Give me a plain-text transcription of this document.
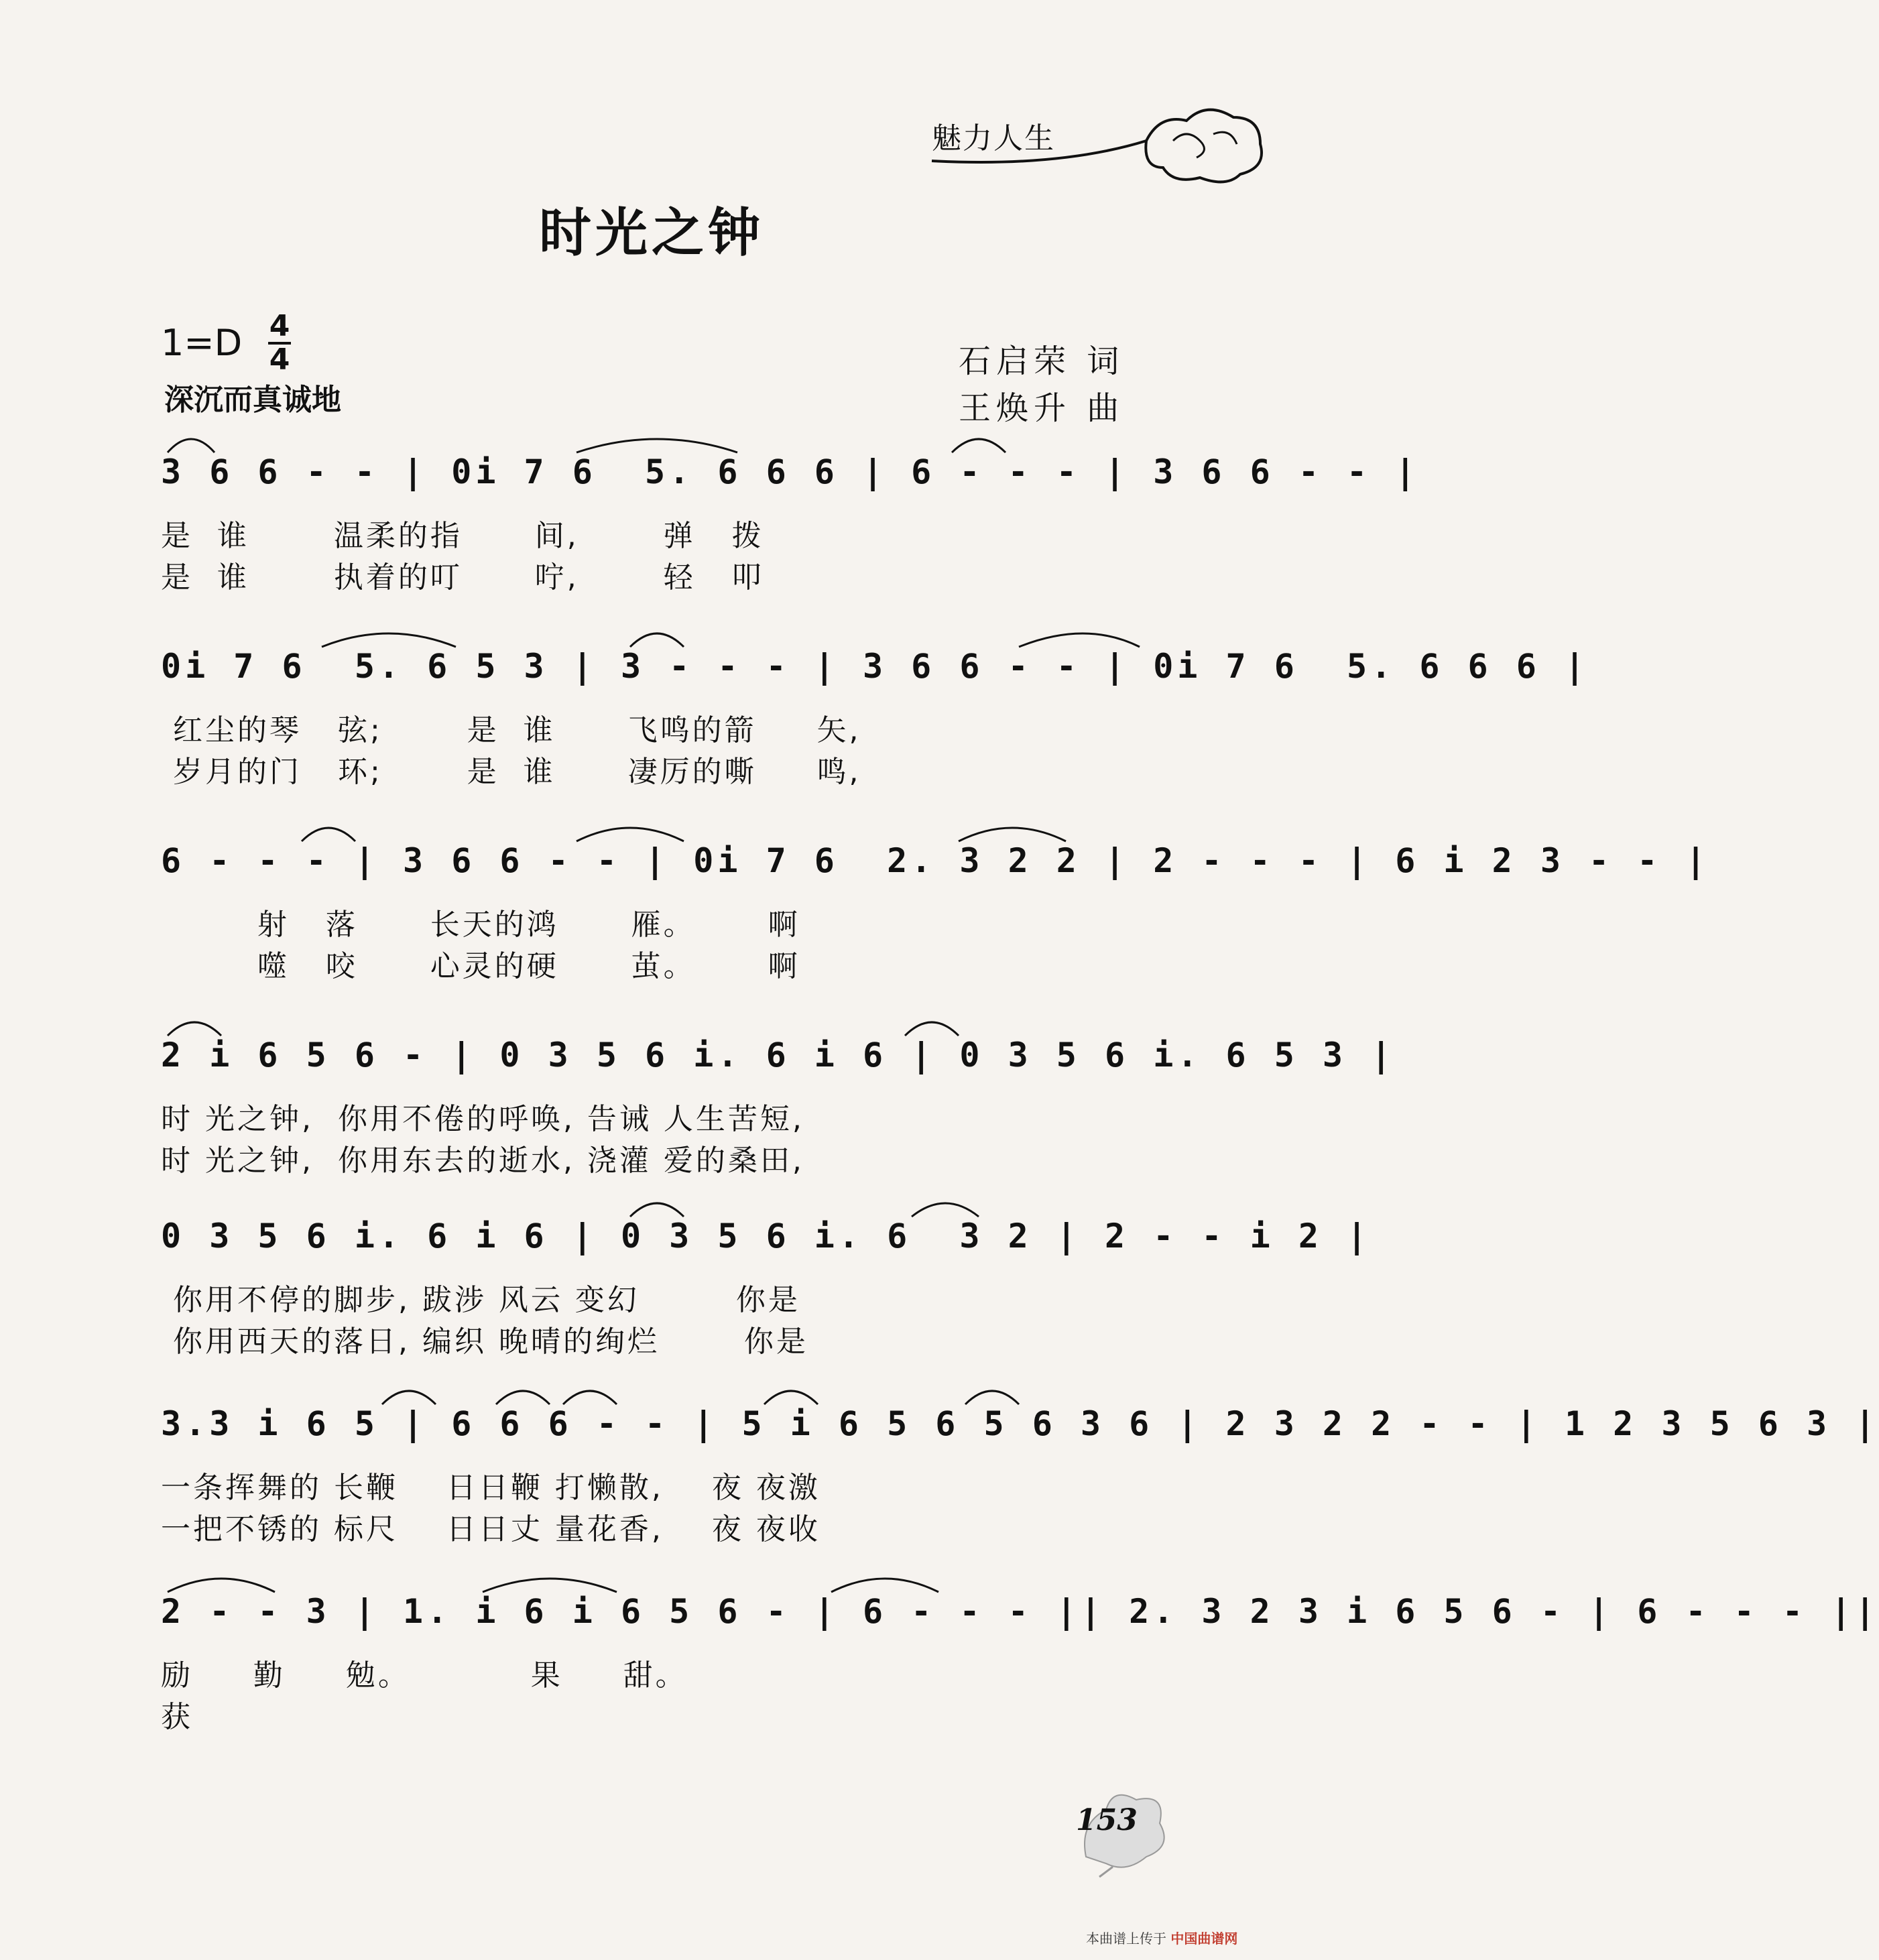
魅力人生
时光之钟
1=D 4
4
深沉而真诚地
石启荣 词
王焕升 曲
3 6 6 - - | 0i 7 6  5. 6 6 6 | 6 - - - | 3 6 6 - - |
是  谁       温柔的指      间,       弹   拨
是  谁       执着的叮      咛,       轻   叩
0i 7 6  5. 6 5 3 | 3 - - - | 3 6 6 - - | 0i 7 6  5. 6 6 6 |
红尘的琴   弦;       是  谁      飞鸣的箭     矢,
岁月的门   环;       是  谁      凄厉的嘶     鸣,
6 - - - | 3 6 6 - - | 0i 7 6  2. 3 2 2 | 2 - - - | 6 i 2 3 - - |
射   落      长天的鸿      雁。      啊
噬   咬      心灵的硬      茧。      啊
2 i 6 5 6 - | 0 3 5 6 i. 6 i 6 | 0 3 5 6 i. 6 5 3 |
时 光之钟,  你用不倦的呼唤, 告诫 人生苦短,
时 光之钟,  你用东去的逝水, 浇灌 爱的桑田,
0 3 5 6 i. 6 i 6 | 0 3 5 6 i. 6  3 2 | 2 - - i 2 |
你用不停的脚步, 跋涉 风云 变幻        你是
你用西天的落日, 编织 晚晴的绚烂       你是
3.3 i 6 5 | 6 6 6 - - | 5 i 6 5 6 5 6 3 6 | 2 3 2 2 - - | 1 2 3 5 6 3 |
一条挥舞的 长鞭    日日鞭 打懒散,    夜 夜激
一把不锈的 标尺    日日丈 量花香,    夜 夜收
2 - - 3 | 1. i 6 i 6 5 6 - | 6 - - - || 2. 3 2 3 i 6 5 6 - | 6 - - - ||
励     勤     勉。          果     甜。
获
153
本曲谱上传于 中国曲谱网
